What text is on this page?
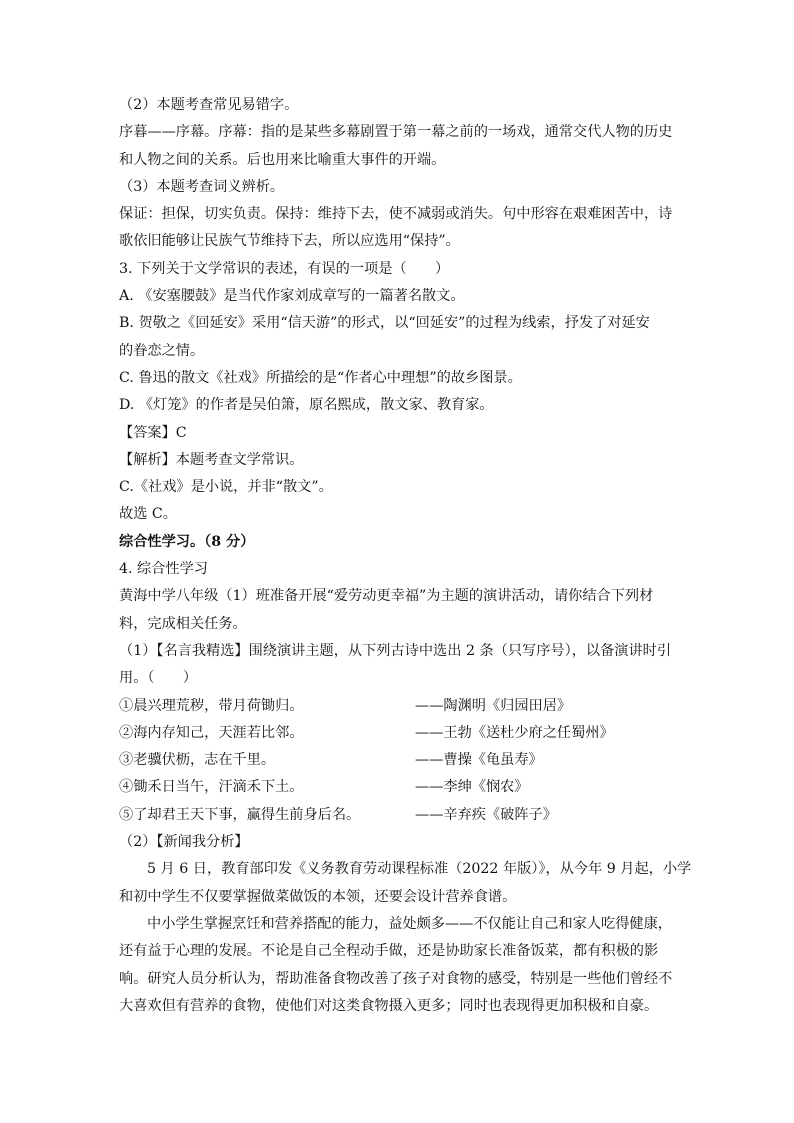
（2）本题考查常见易错字。
序暮——序幕。序幕：指的是某些多幕剧置于第一幕之前的一场戏，通常交代人物的历史
和人物之间的关系。后也用来比喻重大事件的开端。
（3）本题考查词义辨析。
保证：担保，切实负责。保持：维持下去，使不减弱或消失。句中形容在艰难困苦中，诗
歌依旧能够让民族气节维持下去，所以应选用“保持”。
3. 下列关于文学常识的表述，有误的一项是（　　）
A. 《安塞腰鼓》是当代作家刘成章写的一篇著名散文。
B. 贺敬之《回延安》采用“信天游”的形式，以“回延安”的过程为线索，抒发了对延安
的眷恋之情。
C. 鲁迅的散文《社戏》所描绘的是“作者心中理想”的故乡图景。
D. 《灯笼》的作者是吴伯箫，原名熙成，散文家、教育家。
【答案】C
【解析】本题考查文学常识。
C.《社戏》是小说，并非“散文”。
故选 C。
综合性学习。（8 分）
4. 综合性学习
黄海中学八年级（1）班准备开展“爱劳动更幸福”为主题的演讲活动，请你结合下列材
料，完成相关任务。
（1）【名言我精选】围绕演讲主题，从下列古诗中选出 2 条（只写序号），以备演讲时引
用。（　　）
①晨兴理荒秽，带月荷锄归。	——陶渊明《归园田居》
②海内存知己，天涯若比邻。	——王勃《送杜少府之任蜀州》
③老骥伏枥，志在千里。	——曹操《龟虽寿》
④锄禾日当午，汗滴禾下土。	——李绅《悯农》
⑤了却君王天下事，赢得生前身后名。	——辛弃疾《破阵子》
（2）【新闻我分析】
5 月 6 日，教育部印发《义务教育劳动课程标准（2022 年版）》，从今年 9 月起，小学
和初中学生不仅要掌握做菜做饭的本领，还要会设计营养食谱。
中小学生掌握烹饪和营养搭配的能力，益处颇多——不仅能让自己和家人吃得健康，
还有益于心理的发展。不论是自己全程动手做，还是协助家长准备饭菜，都有积极的影
响。研究人员分析认为，帮助准备食物改善了孩子对食物的感受，特别是一些他们曾经不
大喜欢但有营养的食物，使他们对这类食物摄入更多；同时也表现得更加积极和自豪。
